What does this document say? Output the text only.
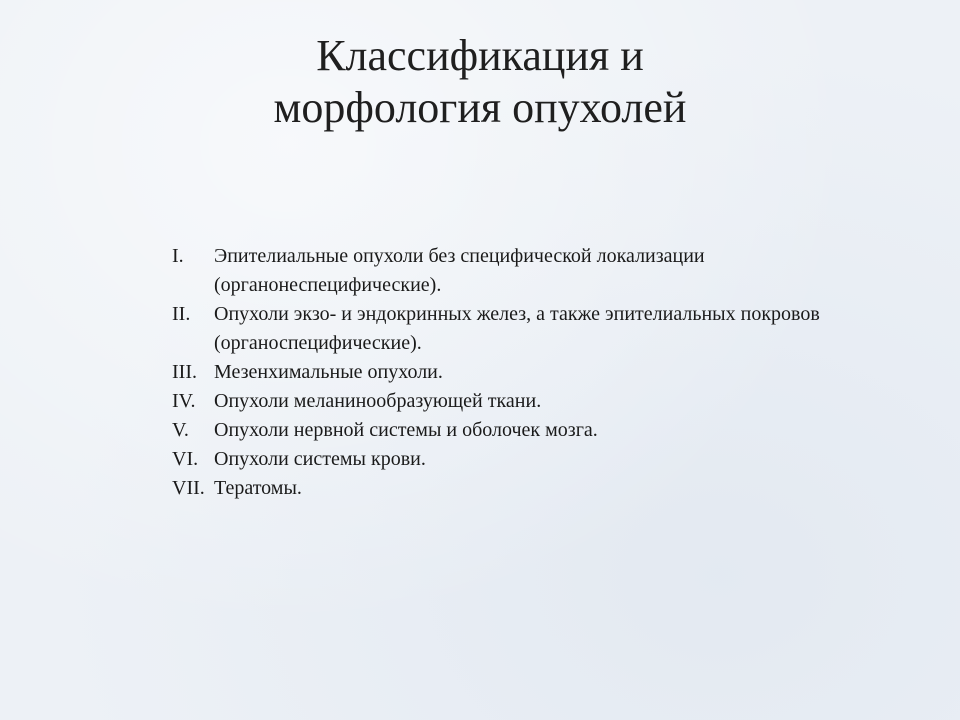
Классификация и
морфология опухолей
I.	Эпителиальные опухоли без специфической локализации (органонеспецифические).
II.	Опухоли экзо- и эндокринных желез, а также эпителиальных покровов (органоспецифические).
III. Мезенхимальные опухоли.
IV. Опухоли меланинообразующей ткани.
V.	Опухоли нервной системы и оболочек мозга.
VI. Опухоли системы крови.
VII. Тератомы.
